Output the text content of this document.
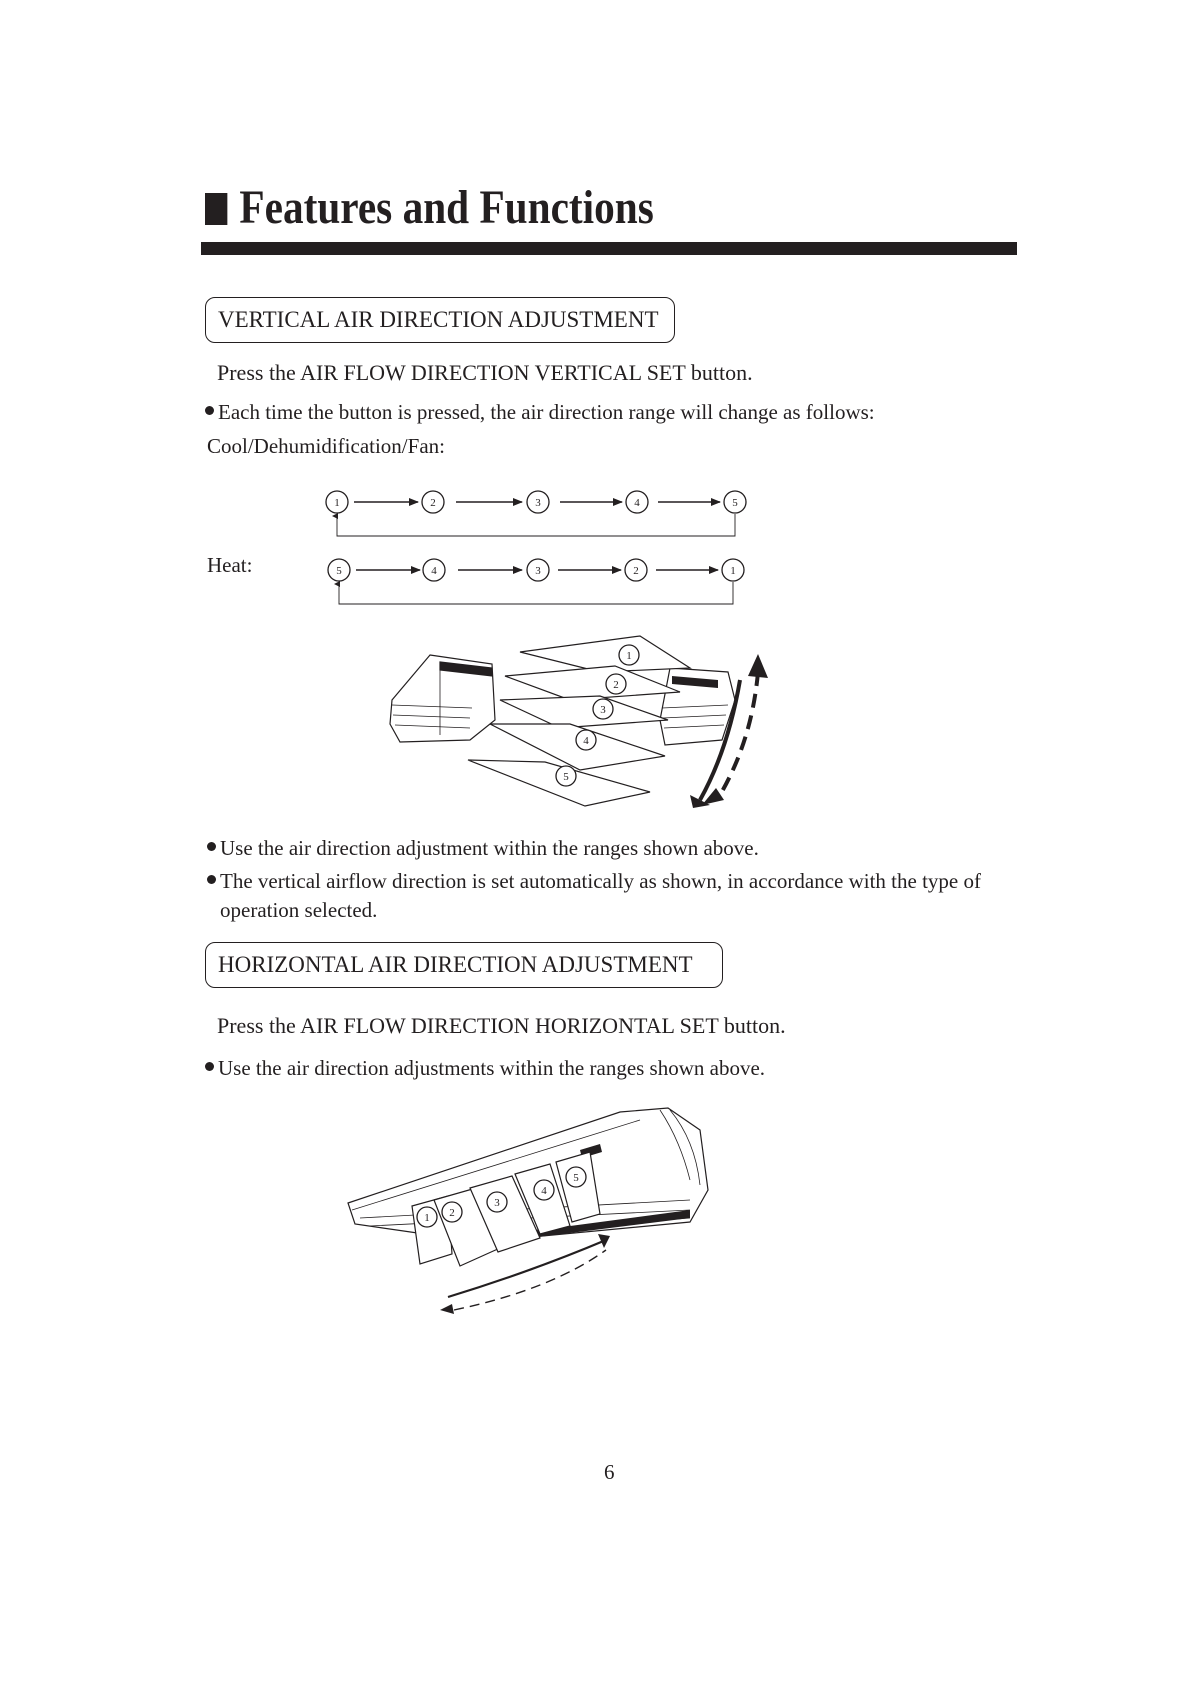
Features and Functions
VERTICAL AIR DIRECTION ADJUSTMENT
Press the AIR FLOW DIRECTION VERTICAL SET button.
Each time the button is pressed, the air direction range will change as follows:
Cool/Dehumidification/Fan:
Heat:
1	2	3	4	5
5	4	3	2	1
1
2
3
4
5
1 2
3
4
5
Use the air direction adjustment within the ranges shown above.
The vertical airflow direction is set automatically as shown, in accordance with the type of
operation selected.
HORIZONTAL AIR DIRECTION ADJUSTMENT
Press the AIR FLOW DIRECTION HORIZONTAL SET button.
Use the air direction adjustments within the ranges shown above.
6
